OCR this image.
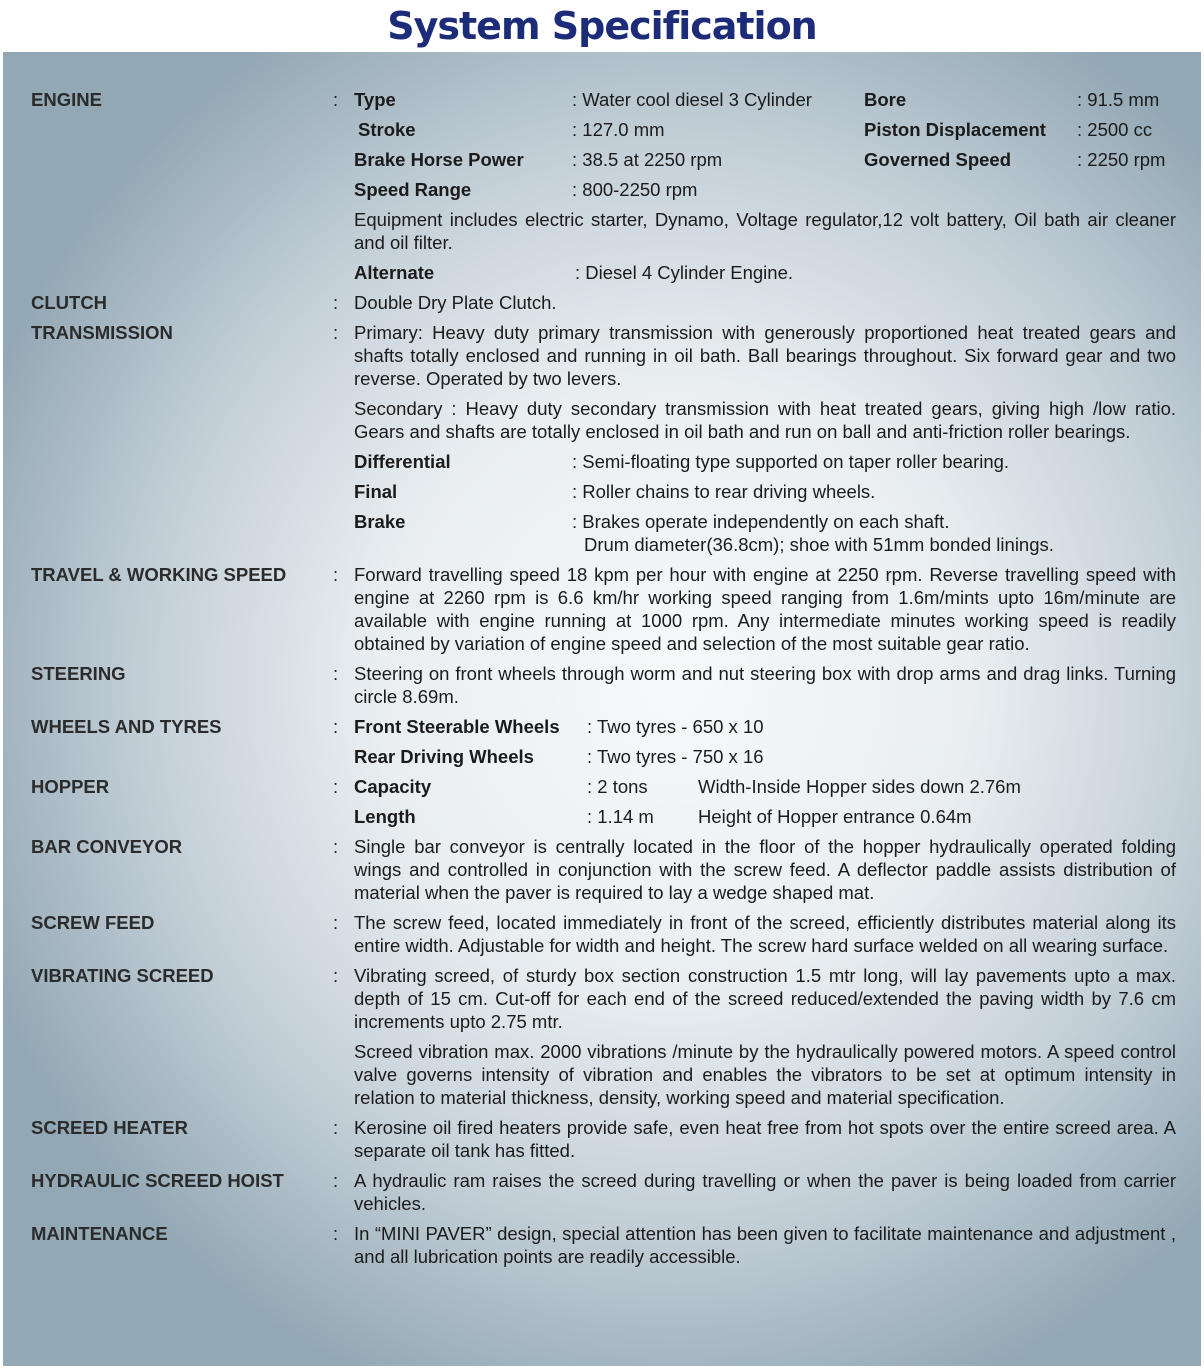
System Specification
ENGINE	: Type	: Water cool diesel 3 Cylinder	Bore	: 91.5 mm
Stroke	: 127.0 mm	Piston Displacement	: 2500 cc
Brake Horse Power	: 38.5 at 2250 rpm	Governed Speed	: 2250 rpm
Speed Range	: 800-2250 rpm
Equipment includes electric starter, Dynamo, Voltage regulator,12 volt battery, Oil bath air cleaner and oil filter.
Alternate	: Diesel 4 Cylinder Engine.
CLUTCH	: Double Dry Plate Clutch.
TRANSMISSION	: Primary: Heavy duty primary transmission with generously proportioned heat treated gears and shafts totally enclosed and running in oil bath. Ball bearings throughout. Six forward gear and two reverse. Operated by two levers.
Secondary : Heavy duty secondary transmission with heat treated gears, giving high /low ratio. Gears and shafts are totally enclosed in oil bath and run on ball and anti-friction roller bearings.
Differential	: Semi-floating type supported on taper roller bearing.
Final	: Roller chains to rear driving wheels.
Brake	: Brakes operate independently on each shaft.
Drum diameter(36.8cm); shoe with 51mm bonded linings.
TRAVEL & WORKING SPEED	: Forward travelling speed 18 kpm per hour with engine at 2250 rpm. Reverse travelling speed with engine at 2260 rpm is 6.6 km/hr working speed ranging from 1.6m/mints upto 16m/minute are available with engine running at 1000 rpm. Any intermediate minutes working speed is readily obtained by variation of engine speed and selection of the most suitable gear ratio.
STEERING	: Steering on front wheels through worm and nut steering box with drop arms and drag links. Turning circle 8.69m.
WHEELS AND TYRES	: Front Steerable Wheels	: Two tyres - 650 x 10
Rear Driving Wheels	: Two tyres - 750 x 16
HOPPER	: Capacity	: 2 tons	Width-Inside Hopper sides down 2.76m
Length	: 1.14 m	Height of Hopper entrance 0.64m
BAR CONVEYOR	: Single bar conveyor is centrally located in the floor of the hopper hydraulically operated folding wings and controlled in conjunction with the screw feed. A deflector paddle assists distribution of material when the paver is required to lay a wedge shaped mat.
SCREW FEED	: The screw feed, located immediately in front of the screed, efficiently distributes material along its entire width. Adjustable for width and height. The screw hard surface welded on all wearing surface.
VIBRATING SCREED	: Vibrating screed, of sturdy box section construction 1.5 mtr long, will lay pavements upto a max. depth of 15 cm. Cut-off for each end of the screed reduced/extended the paving width by 7.6 cm increments upto 2.75 mtr.
Screed vibration max. 2000 vibrations /minute by the hydraulically powered motors. A speed control valve governs intensity of vibration and enables the vibrators to be set at optimum intensity in relation to material thickness, density, working speed and material specification.
SCREED HEATER	: Kerosine oil fired heaters provide safe, even heat free from hot spots over the entire screed area. A separate oil tank has fitted.
HYDRAULIC SCREED HOIST	: A hydraulic ram raises the screed during travelling or when the paver is being loaded from carrier vehicles.
MAINTENANCE	: In “MINI PAVER” design, special attention has been given to facilitate maintenance and adjustment , and all lubrication points are readily accessible.
